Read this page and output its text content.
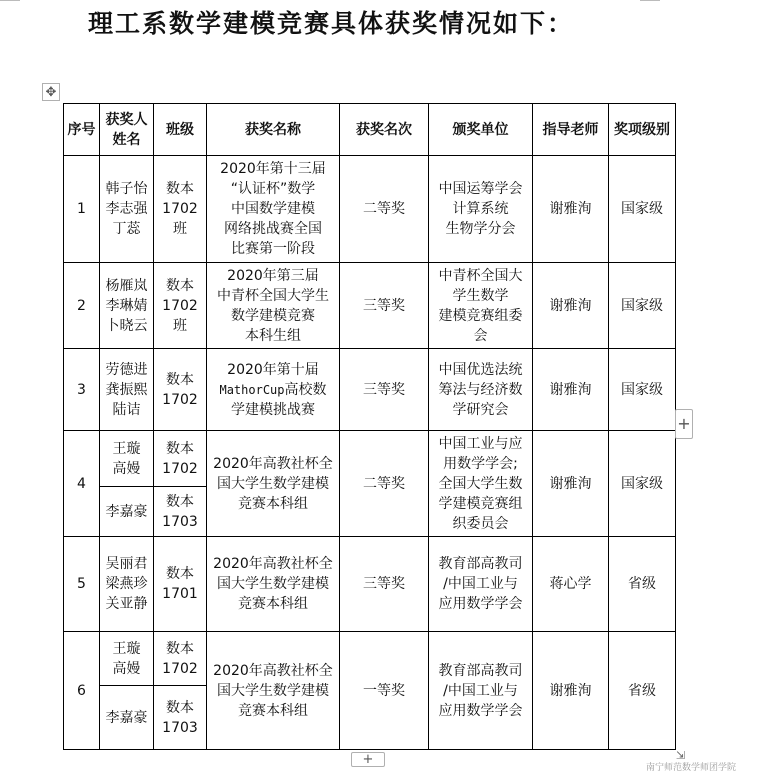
理工系数学建模竞赛具体获奖情况如下：
✥
序号	获奖人
姓名	班级	获奖名称	获奖名次	颁奖单位	指导老师	奖项级别
1	韩子怡
李志强
丁蕊	数本
1702班	2020年第十三届
“认证杯”数学
中国数学建模
网络挑战赛全国
比赛第一阶段	二等奖	中国运筹学会
计算系统
生物学分会	谢雅洵	国家级
2	杨雁岚
李琳婧
卜晓云	数本
1702班	2020年第三届
中青杯全国大学生
数学建模竞赛
本科生组	三等奖	中青杯全国大
学生数学
建模竞赛组委
会	谢雅洵	国家级
3	劳德进
龚振熙
陆诘	数本
1702	2020年第十届
MathorCup高校数
学建模挑战赛	三等奖	中国优选法统
筹法与经济数
学研究会	谢雅洵	国家级
4	王璇
高嫚	数本
1702	2020年高教社杯全
国大学生数学建模
竞赛本科组	二等奖	中国工业与应
用数学学会;
全国大学生数
学建模竞赛组
织委员会	谢雅洵	国家级
	李嘉豪	数本
1703					
5	吴丽君
梁燕珍
关亚静	数本
1701	2020年高教社杯全
国大学生数学建模
竞赛本科组	三等奖	教育部高教司
/中国工业与
应用数学学会	蒋心学	省级
6	王璇
高嫚	数本
1702	2020年高教社杯全
国大学生数学建模
竞赛本科组	一等奖	教育部高教司
/中国工业与
应用数学学会	谢雅洵	省级
	李嘉豪	数本
1703					
+
+	⇲
南宁师范数学师团学院
